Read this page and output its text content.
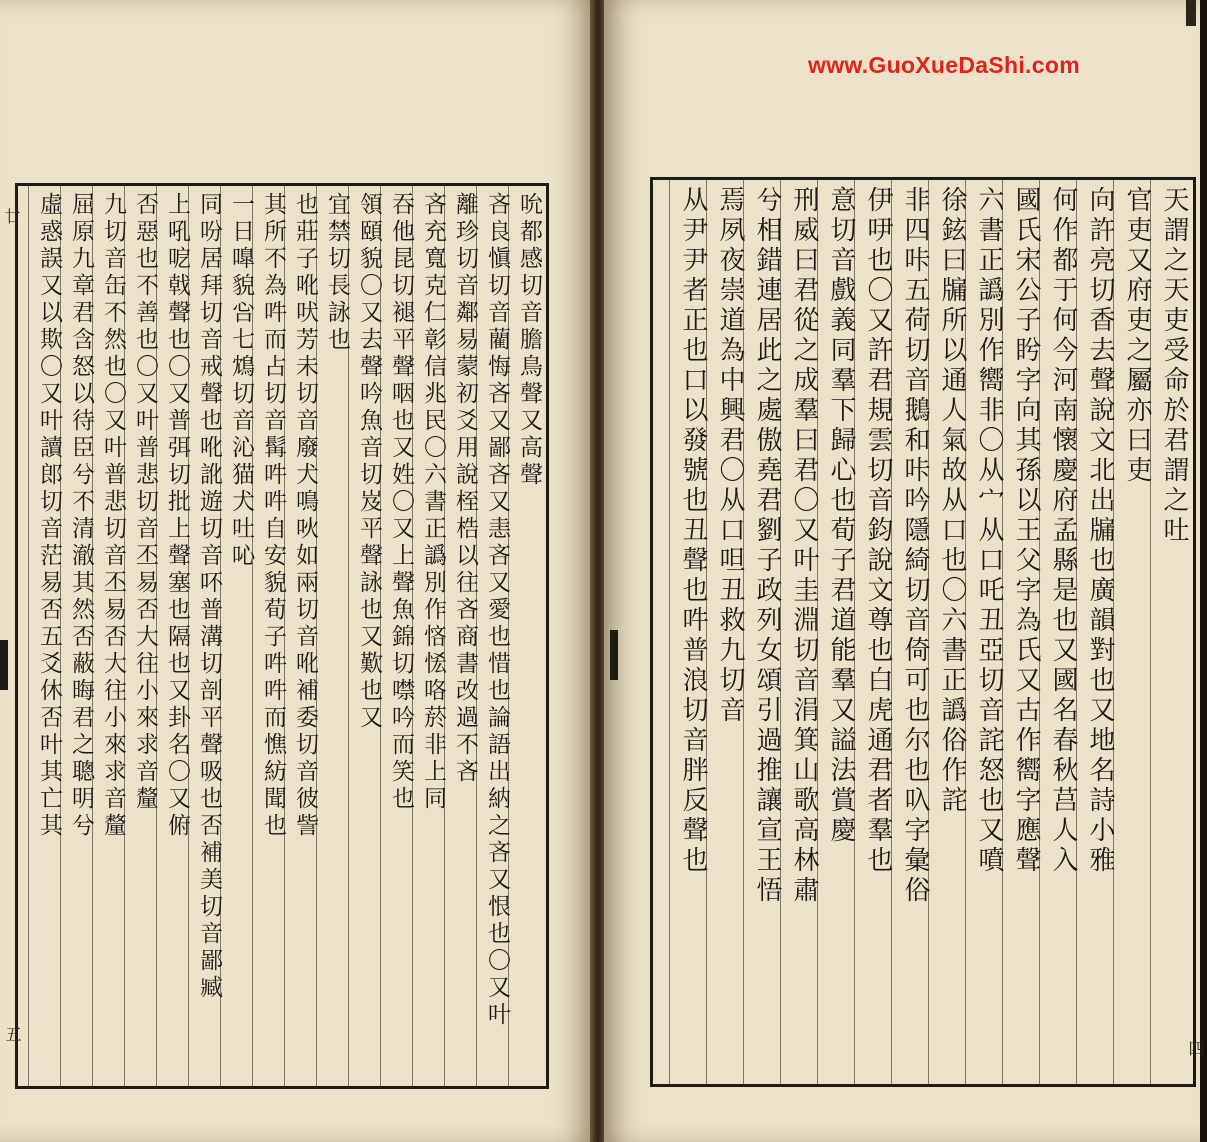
吮都感切音膽鳥聲又高聲
吝良愼切音藺悔吝又鄙吝又恚吝又愛也惜也論語出納之吝又恨也〇又叶
離珍切音鄰易蒙初爻用說桎梏以往吝商書改過不吝
吝充寬克仁彰信兆民〇六書正譌別作悋恡咯菸非上同
吞他昆切褪平聲咽也又姓〇又上聲魚錦切噤吟而笑也
領頤貌〇又去聲吟魚音切岌平聲詠也又歎也又
宜禁切長詠也
也莊子吪吠芳未切音廢犬鳴吙如兩切音吪補委切音彼訾
其所不為吽而占切音髯吽吽自安貌荀子吽吽而憔紡聞也
一日嘷貌吢七鴆切音沁猫犬吐吣
同吩居拜切音戒聲也吪訛遊切音吥普溝切剖平聲吸也否補美切音鄙臧
上吼呝戟聲也〇又普弭切批上聲塞也隔也又卦名〇又俯
否惡也不善也〇又叶普悲切音丕易否大往小來求音釐
九切音缶不然也〇又叶普悲切音丕易否大往小來求音釐
屈原九章君含怒以待臣兮不清澈其然否蔽晦君之聰明兮
虛惑誤又以欺〇又叶讀郎切音茫易否五爻休否叶其亡其
廿
五
天謂之天吏受命於君謂之吐
官吏又府吏之屬亦曰吏
向許亮切香去聲說文北出牖也廣韻對也又地名詩小雅
何作都于何今河南懷慶府孟縣是也又國名春秋莒人入
國氏宋公子盻字向其孫以王父字為氏又古作嚮字應聲
六書正譌別作嚮非〇从宀从口吒丑亞切音詫怒也又噴
徐鉉曰牖所以通人氣故从口也〇六書正譌俗作詫
非四咔五荷切音鵝和咔吟隱綺切音倚可也尔也叺字彙俗
伊吚也〇又許君規雲切音鈞說文尊也白虎通君者羣也
意切音戲義同羣下歸心也荀子君道能羣又謚法賞慶
刑威曰君從之成羣曰君〇又叶圭淵切音涓箕山歌高林肅
兮相錯連居此之處傲堯君劉子政列女頌引過推讓宣王悟
焉夙夜崇道為中興君〇从口呾丑救九切音
从尹尹者正也口以發號也丑聲也吽普浪切音胖反聲也
四
www.GuoXueDaShi.com
